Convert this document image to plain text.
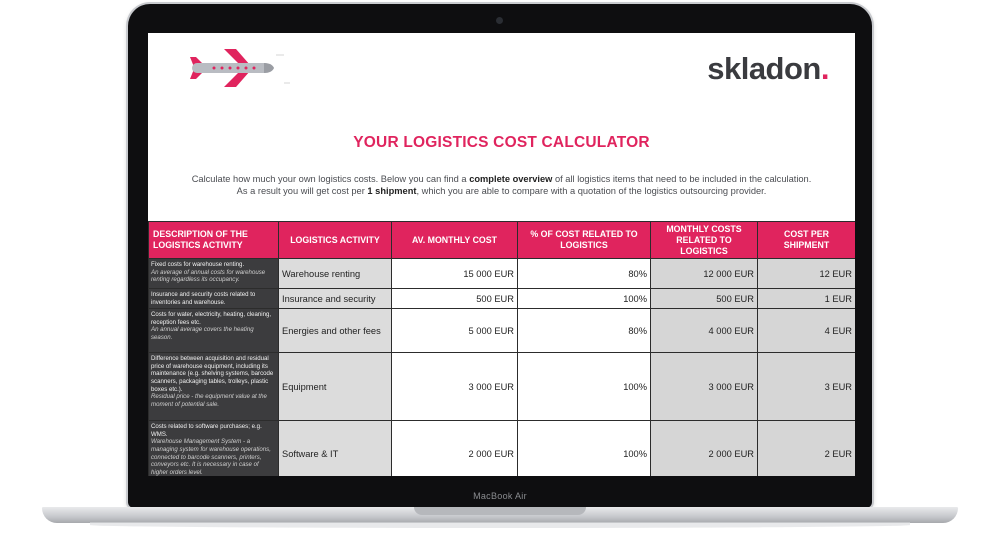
MacBook Air
skladon.
YOUR LOGISTICS COST CALCULATOR
Calculate how much your own logistics costs. Below you can find a complete overview of all logistics items that need to be included in the calculation.
As a result you will get cost per 1 shipment, which you are able to compare with a quotation of the logistics outsourcing provider.
DESCRIPTION OF THE LOGISTICS ACTIVITY	LOGISTICS ACTIVITY	AV. MONTHLY COST	% OF COST RELATED TO LOGISTICS	MONTHLY COSTS RELATED TO LOGISTICS	COST PER SHIPMENT
Fixed costs for warehouse renting.
An average of annual costs for warehouse renting regardless its occupancy.	Warehouse renting	15 000 EUR	80%	12 000 EUR	12 EUR
Insurance and security costs related to inventories and warehouse.	Insurance and security	500 EUR	100%	500 EUR	1 EUR
Costs for water, electricity, heating, cleaning, reception fees etc.
An annual average covers the heating season.	Energies and other fees	5 000 EUR	80%	4 000 EUR	4 EUR
Difference between acquisition and residual price of warehouse equipment, including its maintenance (e.g. shelving systems, barcode scanners, packaging tables, trolleys, plastic boxes etc.).
Residual price - the equipment value at the moment of potential sale.	Equipment	3 000 EUR	100%	3 000 EUR	3 EUR
Costs related to software purchases; e.g. WMS.
Warehouse Management System - a managing system for warehouse operations, connected to barcode scanners, printers, conveyors etc. It is necessary in case of higher orders level.	Software & IT	2 000 EUR	100%	2 000 EUR	2 EUR
